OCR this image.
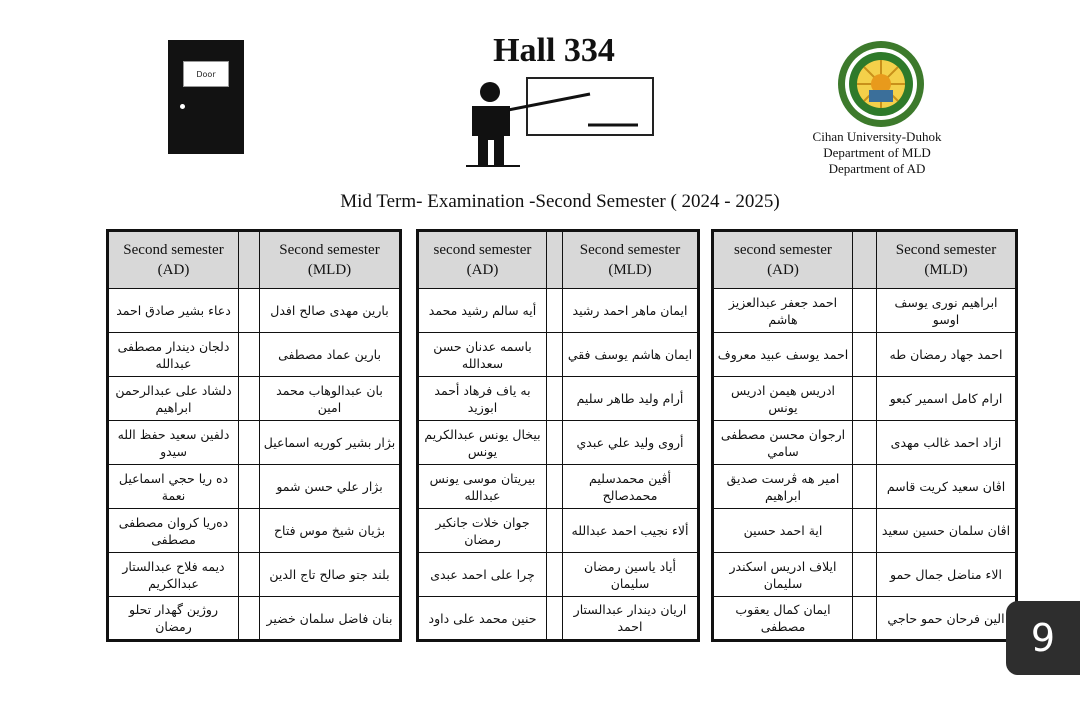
Door
Hall 334
Cihan University-Duhok
Department of MLD
Department of AD
Mid Term- Examination -Second Semester ( 2024 - 2025)
Second semester
(AD)		Second semester
(MLD)
دعاء بشير صادق احمد		بارين مهدى صالح افدل
دلجان ديندار مصطفى عبدالله		بارين عماد مصطفى
دلشاد على عبدالرحمن ابراهيم		بان عبدالوهاب محمد امين
دلفين سعيد حفظ الله سيدو		بژار بشير كوريه اسماعيل
ده ريا حجي اسماعيل نعمة		بژار علي حسن شمو
دەريا كروان مصطفى مصطفى		بژيان شيخ موس فتاح
ديمه فلاح عبدالستار عبدالكريم		بلند جتو صالح تاج الدين
روژين گهدار تحلو رمضان		بنان فاضل سلمان خضير
second semester
(AD)		Second semester
(MLD)
أيه سالم رشيد محمد		ايمان ماهر احمد رشيد
باسمه عدنان حسن سعدالله		ايمان هاشم يوسف فقي
به ياف فرهاد أحمد ابوزيد		أرام وليد طاهر سليم
بيخال يونس عبدالكريم يونس		أروى وليد علي عبدي
بيريتان موسى يونس عبدالله		أڤين محمدسليم محمدصالح
جوان خلات جانكير رمضان		ألاء نجيب احمد عبدالله
چرا على احمد عبدى		أياد ياسين رمضان سليمان
حنين محمد على داود		اريان ديندار عبدالستار احمد
second semester
(AD)		Second semester
(MLD)
احمد جعفر عبدالعزيز هاشم		ابراهيم نورى يوسف اوسو
احمد يوسف عبيد معروف		احمد جهاد رمضان طه
ادريس هيمن ادريس يونس		ارام كامل اسمير كبعو
ارجوان محسن مصطفى سامي		ازاد احمد غالب مهدى
امير هه ڤرست صديق ابراهيم		اڤان سعيد كريت قاسم
اية احمد حسين		اڤان سلمان حسين سعيد
ايلاف ادريس اسكندر سليمان		الاء مناضل جمال حمو
ايمان كمال يعقوب مصطفى		الين فرحان حمو حاجي 9
